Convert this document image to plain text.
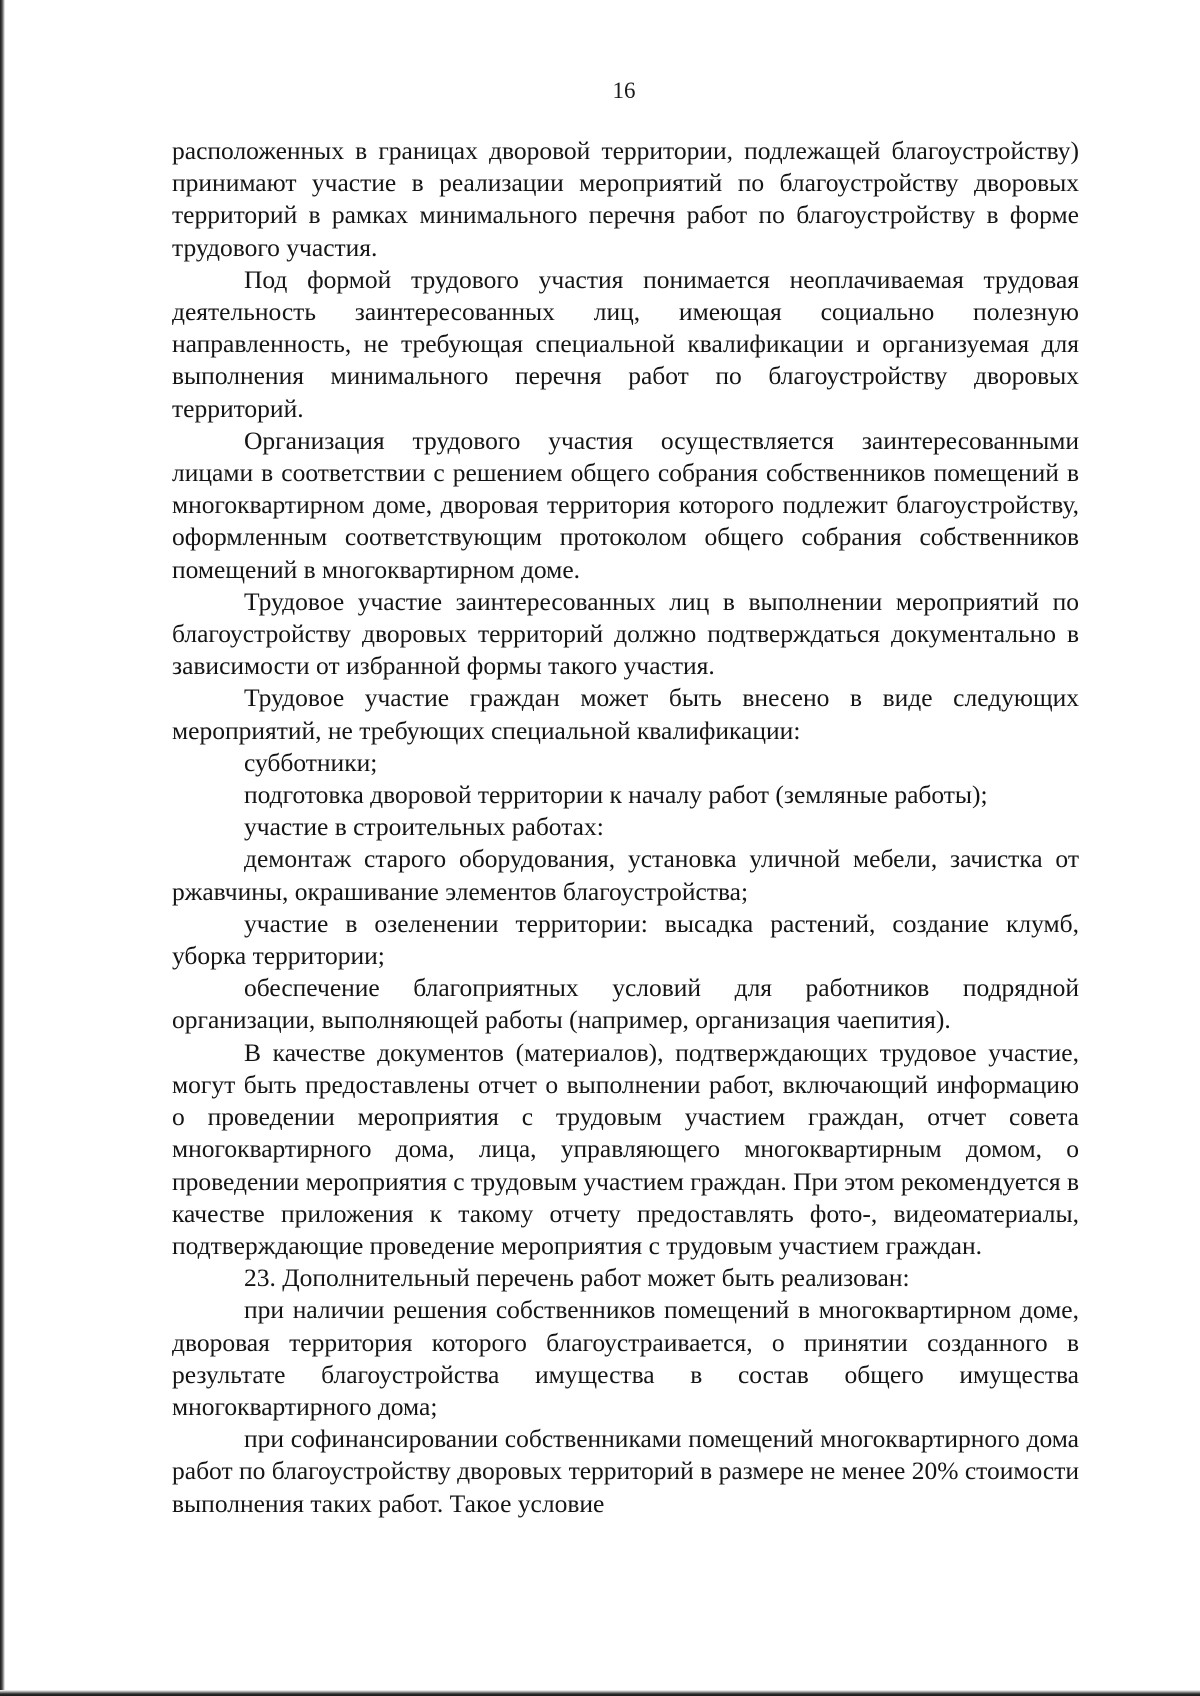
16

расположенных в границах дворовой территории, подлежащей благоустройству) принимают участие в реализации мероприятий по благоустройству дворовых территорий в рамках минимального перечня работ по благоустройству в форме трудового участия.

Под формой трудового участия понимается неоплачиваемая трудовая деятельность заинтересованных лиц, имеющая социально полезную направленность, не требующая специальной квалификации и организуемая для выполнения минимального перечня работ по благоустройству дворовых территорий.

Организация трудового участия осуществляется заинтересованными лицами в соответствии с решением общего собрания собственников помещений в многоквартирном доме, дворовая территория которого подлежит благоустройству, оформленным соответствующим протоколом общего собрания собственников помещений в многоквартирном доме.

Трудовое участие заинтересованных лиц в выполнении мероприятий по благоустройству дворовых территорий должно подтверждаться документально в зависимости от избранной формы такого участия.

Трудовое участие граждан может быть внесено в виде следующих мероприятий, не требующих специальной квалификации:

субботники;

подготовка дворовой территории к началу работ (земляные работы);

участие в строительных работах:

демонтаж старого оборудования, установка уличной мебели, зачистка от ржавчины, окрашивание элементов благоустройства;

участие в озеленении территории: высадка растений, создание клумб, уборка территории;

обеспечение благоприятных условий для работников подрядной организации, выполняющей работы (например, организация чаепития).

В качестве документов (материалов), подтверждающих трудовое участие, могут быть предоставлены отчет о выполнении работ, включающий информацию о проведении мероприятия с трудовым участием граждан, отчет совета многоквартирного дома, лица, управляющего многоквартирным домом, о проведении мероприятия с трудовым участием граждан. При этом рекомендуется в качестве приложения к такому отчету предоставлять фото-, видеоматериалы, подтверждающие проведение мероприятия с трудовым участием граждан.

23. Дополнительный перечень работ может быть реализован:

при наличии решения собственников помещений в многоквартирном доме, дворовая территория которого благоустраивается, о принятии созданного в результате благоустройства имущества в состав общего имущества многоквартирного дома;

при софинансировании собственниками помещений многоквартирного дома работ по благоустройству дворовых территорий в размере не менее 20% стоимости выполнения таких работ. Такое условие
